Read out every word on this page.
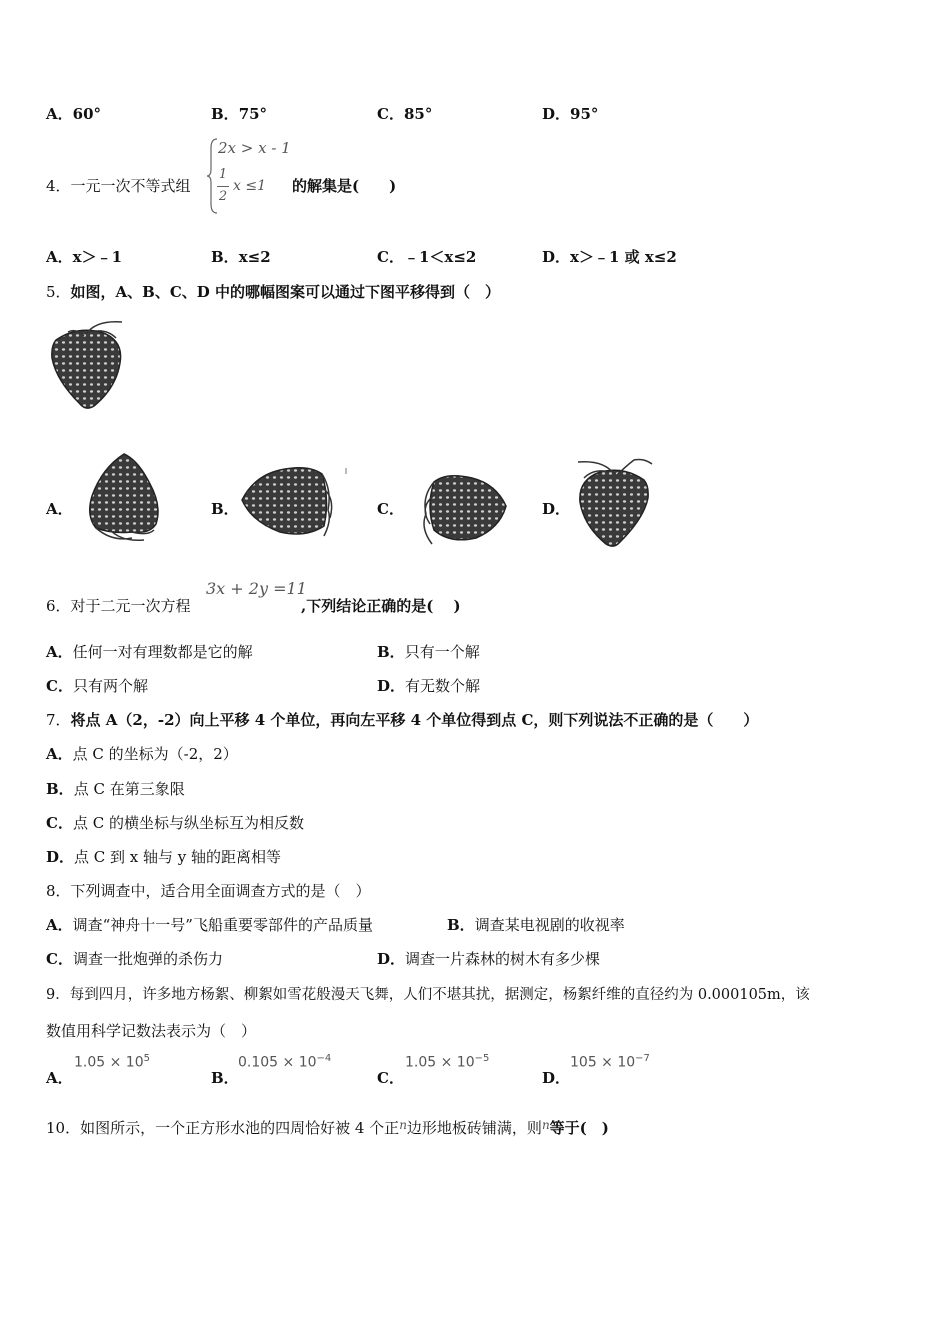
A．60°	B．75°	C．85°	D．95°
4．一元一次不等式组
2x > x - 1
1
2
x ≤1 的解集是(　　)
A．x＞﹣1	B．x≤2	C．﹣1＜x≤2	D．x＞﹣1 或 x≤2
5．如图，A、B、C、D 中的哪幅图案可以通过下图平移得到（　）
A．	B．	C．	D．
6．对于二元一次方程
3x + 2y =11
,下列结论正确的是(　 )
A．任何一对有理数都是它的解	B．只有一个解
C．只有两个解	D．有无数个解
7．将点 A（2，-2）向上平移 4 个单位，再向左平移 4 个单位得到点 C，则下列说法不正确的是（　　）
A．点 C 的坐标为（-2，2）
B．点 C 在第三象限
C．点 C 的横坐标与纵坐标互为相反数
D．点 C 到 x 轴与 y 轴的距离相等
8．下列调查中，适合用全面调查方式的是（　）
A．调查“神舟十一号”飞船重要零部件的产品质量	B．调查某电视剧的收视率
C．调查一批炮弹的杀伤力	D．调查一片森林的树木有多少棵
9．每到四月，许多地方杨絮、柳絮如雪花般漫天飞舞，人们不堪其扰，据测定，杨絮纤维的直径约为 0.000105m，该
数值用科学记数法表示为（　）
A．
$1.05 \times 10^5$
B．
$0.105 \times 10^{-4}$
C．
$1.05 \times 10^{-5}$
D．
$105 \times 10^{-7}$
10．如图所示，一个正方形水池的四周恰好被 4 个正$^n$边形地板砖铺满，则$^n$等于(　)
